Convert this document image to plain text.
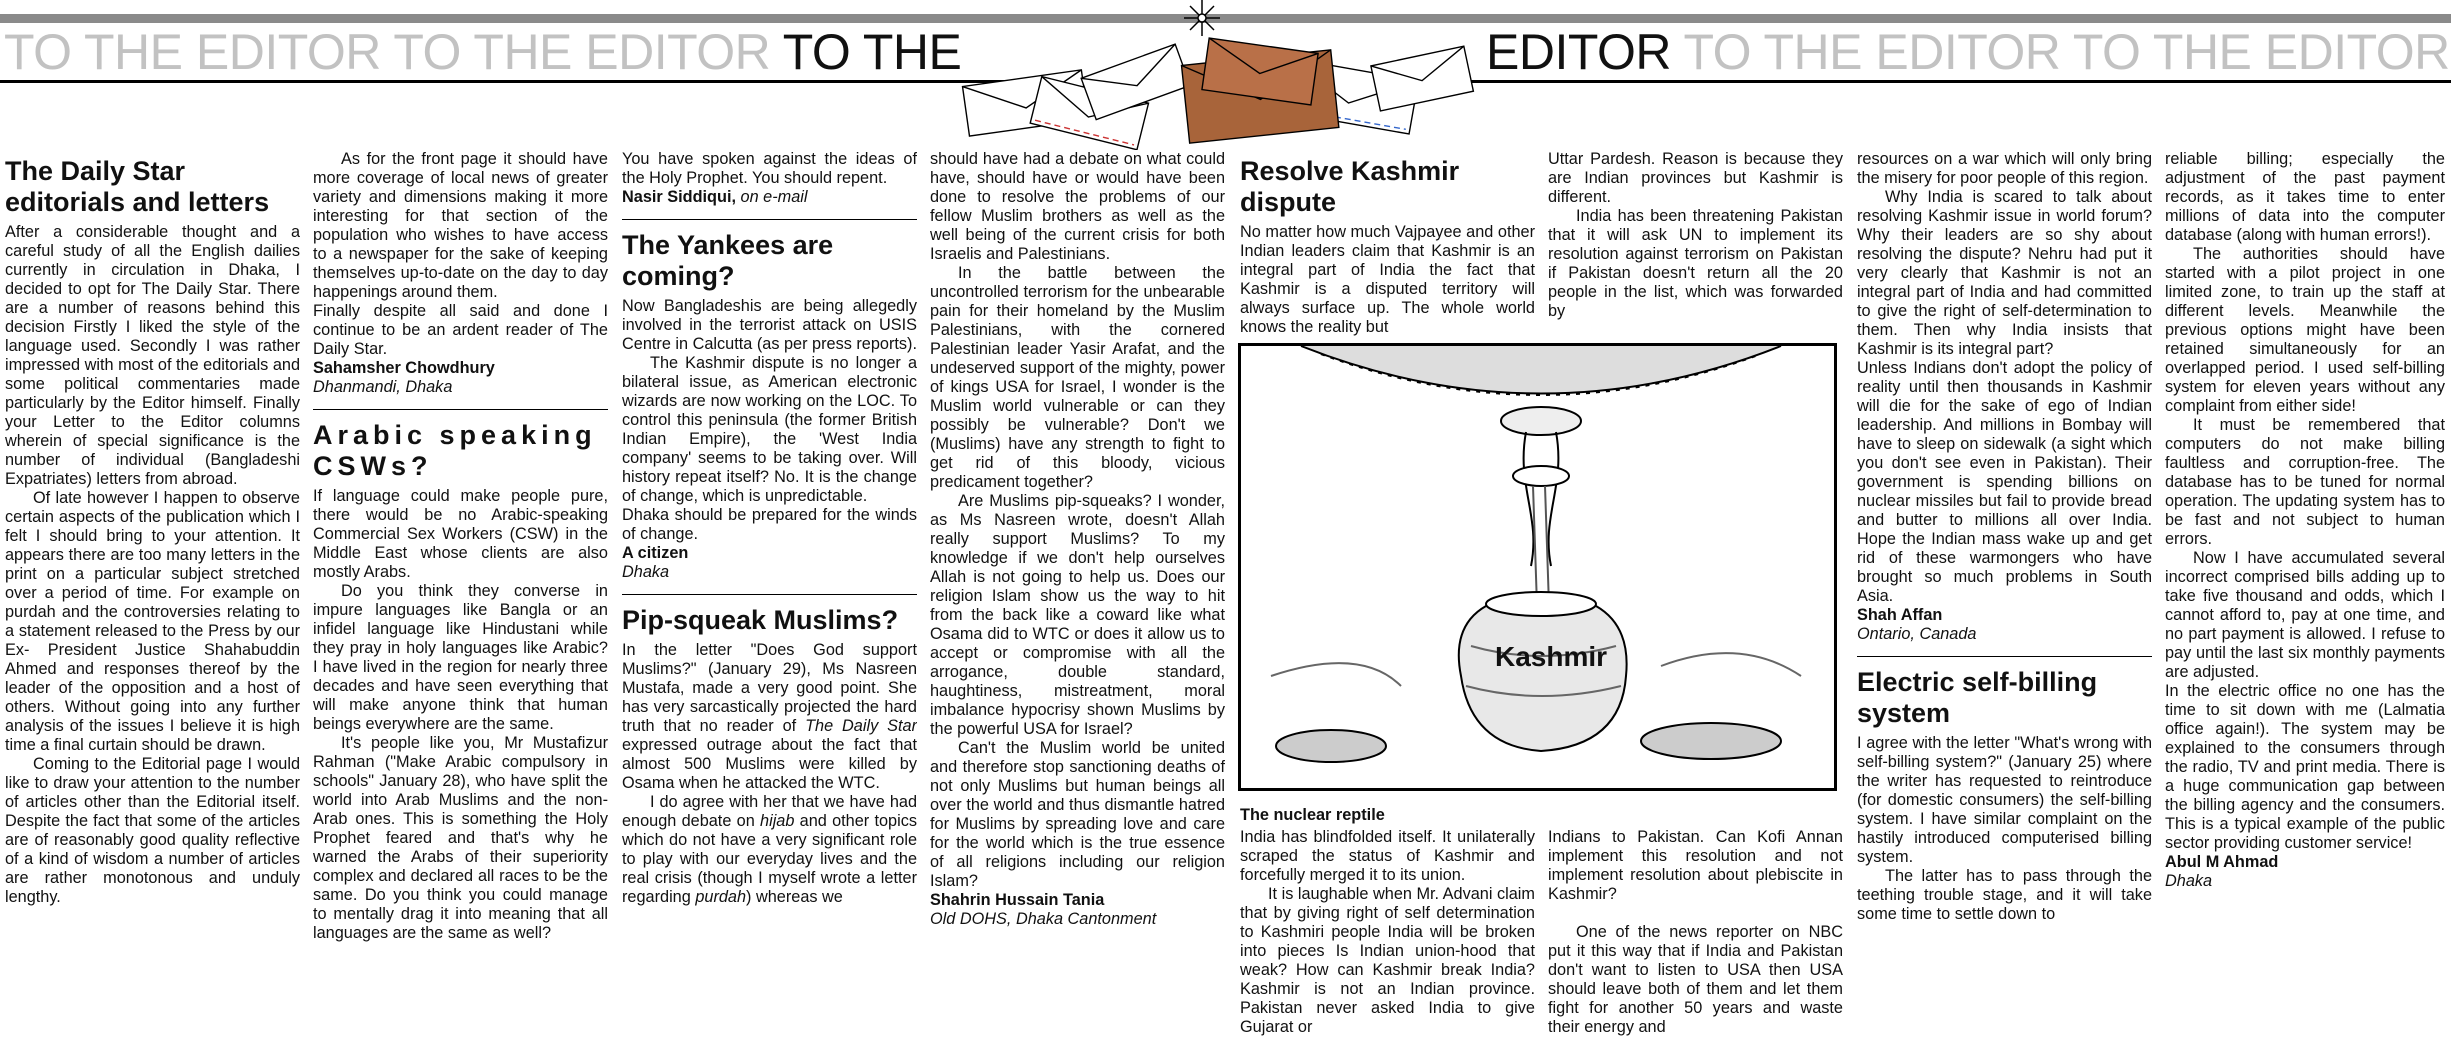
TO THE EDITOR TO THE EDITOR TO THE	EDITOR TO THE EDITOR TO THE EDITOR
The Daily Star editorials and letters

After a considerable thought and a careful study of all the English dailies currently in circulation in Dhaka, I decided to opt for The Daily Star. There are a number of reasons behind this decision Firstly I liked the style of the language used. Secondly I was rather impressed with most of the editorials and some political commentaries made particularly by the Editor himself. Finally your Letter to the Editor columns wherein of special significance is the number of individual (Bangladeshi Expatriates) letters from abroad.

Of late however I happen to observe certain aspects of the publication which I felt I should bring to your attention. It appears there are too many letters in the print on a particular subject stretched over a period of time. For example on purdah and the controversies relating to a statement released to the Press by our Ex- President Justice Shahabuddin Ahmed and responses thereof by the leader of the opposition and a host of others. Without going into any further analysis of the issues I believe it is high time a final curtain should be drawn.

Coming to the Editorial page I would like to draw your attention to the number of articles other than the Editorial itself. Despite the fact that some of the articles are of reasonably good quality reflective of a kind of wisdom a number of articles are rather monotonous and unduly lengthy.

As for the front page it should have more coverage of local news of greater variety and dimensions making it more interesting for that section of the population who wishes to have access to a newspaper for the sake of keeping themselves up-to-date on the day to day happenings around them.

Finally despite all said and done I continue to be an ardent reader of The Daily Star.

Sahamsher Chowdhury
Dhanmandi, Dhaka
Arabic speaking CSWs?

If language could make people pure, there would be no Arabic-speaking Commercial Sex Workers (CSW) in the Middle East whose clients are also mostly Arabs.

Do you think they converse in impure languages like Bangla or an infidel language like Hindustani while they pray in holy languages like Arabic? I have lived in the region for nearly three decades and have seen everything that will make anyone think that human beings everywhere are the same.

It's people like you, Mr Mustafizur Rahman ("Make Arabic compulsory in schools" January 28), who have split the world into Arab Muslims and the non-Arab ones. This is something the Holy Prophet feared and that's why he warned the Arabs of their superiority complex and declared all races to be the same. Do you think you could manage to mentally drag it into meaning that all languages are the same as well?

You have spoken against the ideas of the Holy Prophet. You should repent.

Nasir Siddiqui, on e-mail
The Yankees are coming?

Now Bangladeshis are being allegedly involved in the terrorist attack on USIS Centre in Calcutta (as per press reports).

The Kashmir dispute is no longer a bilateral issue, as American electronic wizards are now working on the LOC. To control this peninsula (the former British Indian Empire), the 'West India company' seems to be taking over. Will history repeat itself? No. It is the change of change, which is unpredictable.

Dhaka should be prepared for the winds of change.

A citizen
Dhaka
Pip-squeak Muslims?

In the letter "Does God support Muslims?" (January 29), Ms Nasreen Mustafa, made a very good point. She has very sarcastically projected the hard truth that no reader of The Daily Star expressed outrage about the fact that almost 500 Muslims were killed by Osama when he attacked the WTC.

I do agree with her that we have had enough debate on hijab and other topics which do not have a very significant role to play with our everyday lives and the real crisis (though I myself wrote a letter regarding purdah) whereas we

should have had a debate on what could have, should have or would have been done to resolve the problems of our fellow Muslim brothers as well as the well being of the current crisis for both Israelis and Palestinians.

In the battle between the uncontrolled terrorism for the unbearable pain for their homeland by the Muslim Palestinians, with the cornered Palestinian leader Yasir Arafat, and the undeserved support of the mighty, power of kings USA for Israel, I wonder is the Muslim world vulnerable or can they possibly be vulnerable? Don't we (Muslims) have any strength to fight to get rid of this bloody, vicious predicament together?

Are Muslims pip-squeaks? I wonder, as Ms Nasreen wrote, doesn't Allah really support Muslims? To my knowledge if we don't help ourselves Allah is not going to help us. Does our religion Islam show us the way to hit from the back like a coward like what Osama did to WTC or does it allow us to accept or compromise with all the arrogance, double standard, haughtiness, mistreatment, moral imbalance hypocrisy shown Muslims by the powerful USA for Israel?

Can't the Muslim world be united and therefore stop sanctioning deaths of not only Muslims but human beings all over the world and thus dismantle hatred for Muslims by spreading love and care for the world which is the true essence of all religions including our religion Islam?

Shahrin Hussain Tania
Old DOHS, Dhaka Cantonment
Resolve Kashmir dispute

No matter how much Vajpayee and other Indian leaders claim that Kashmir is an integral part of India the fact that Kashmir is a disputed territory will always surface up. The whole world knows the reality but

India has blindfolded itself. It unilaterally scraped the status of Kashmir and forcefully merged it to its union.

It is laughable when Mr. Advani claim that by giving right of self determination to Kashmiri people India will be broken into pieces Is Indian union-hood that weak? How can Kashmir break India? Kashmir is not an Indian province. Pakistan never asked India to give Gujarat or

Uttar Pardesh. Reason is because they are Indian provinces but Kashmir is different.

India has been threatening Pakistan that it will ask UN to implement its resolution against terrorism on Pakistan if Pakistan doesn't return all the 20 people in the list, which was forwarded by

Indians to Pakistan. Can Kofi Annan implement this resolution and not implement resolution about plebiscite in Kashmir?

One of the news reporter on NBC put it this way that if India and Pakistan don't want to listen to USA then USA should leave both of them and let them fight for another 50 years and waste their energy and

Kashmir
The nuclear reptile

resources on a war which will only bring the misery for poor people of this region.

Why India is scared to talk about resolving Kashmir issue in world forum? Why their leaders are so shy about resolving the dispute? Nehru had put it very clearly that Kashmir is not an integral part of India and had committed to give the right of self-determination to them. Then why India insists that Kashmir is its integral part?

Unless Indians don't adopt the policy of reality until then thousands in Kashmir will die for the sake of ego of Indian leadership. And millions in Bombay will have to sleep on sidewalk (a sight which you don't see even in Pakistan). Their government is spending billions on nuclear missiles but fail to provide bread and butter to millions all over India. Hope the Indian mass wake up and get rid of these warmongers who have brought so much problems in South Asia.

Shah Affan
Ontario, Canada
Electric self-billing system

I agree with the letter "What's wrong with self-billing system?" (January 25) where the writer has requested to reintroduce (for domestic consumers) the self-billing system. I have similar complaint on the hastily introduced computerised billing system.

The latter has to pass through the teething trouble stage, and it will take some time to settle down to

reliable billing; especially the adjustment of the past payment records, as it takes time to enter millions of data into the computer database (along with human errors!).

The authorities should have started with a pilot project in one limited zone, to train up the staff at different levels. Meanwhile the previous options might have been retained simultaneously for an overlapped period. I used self-billing system for eleven years without any complaint from either side!

It must be remembered that computers do not make billing faultless and corruption-free. The database has to be tuned for normal operation. The updating system has to be fast and not subject to human errors.

Now I have accumulated several incorrect comprised bills adding up to take five thousand and odds, which I cannot afford to, pay at one time, and no part payment is allowed. I refuse to pay until the last six monthly payments are adjusted.

In the electric office no one has the time to sit down with me (Lalmatia office again!). The system may be explained to the consumers through the radio, TV and print media. There is a huge communication gap between the billing agency and the consumers. This is a typical example of the public sector providing customer service!

Abul M Ahmad
Dhaka
